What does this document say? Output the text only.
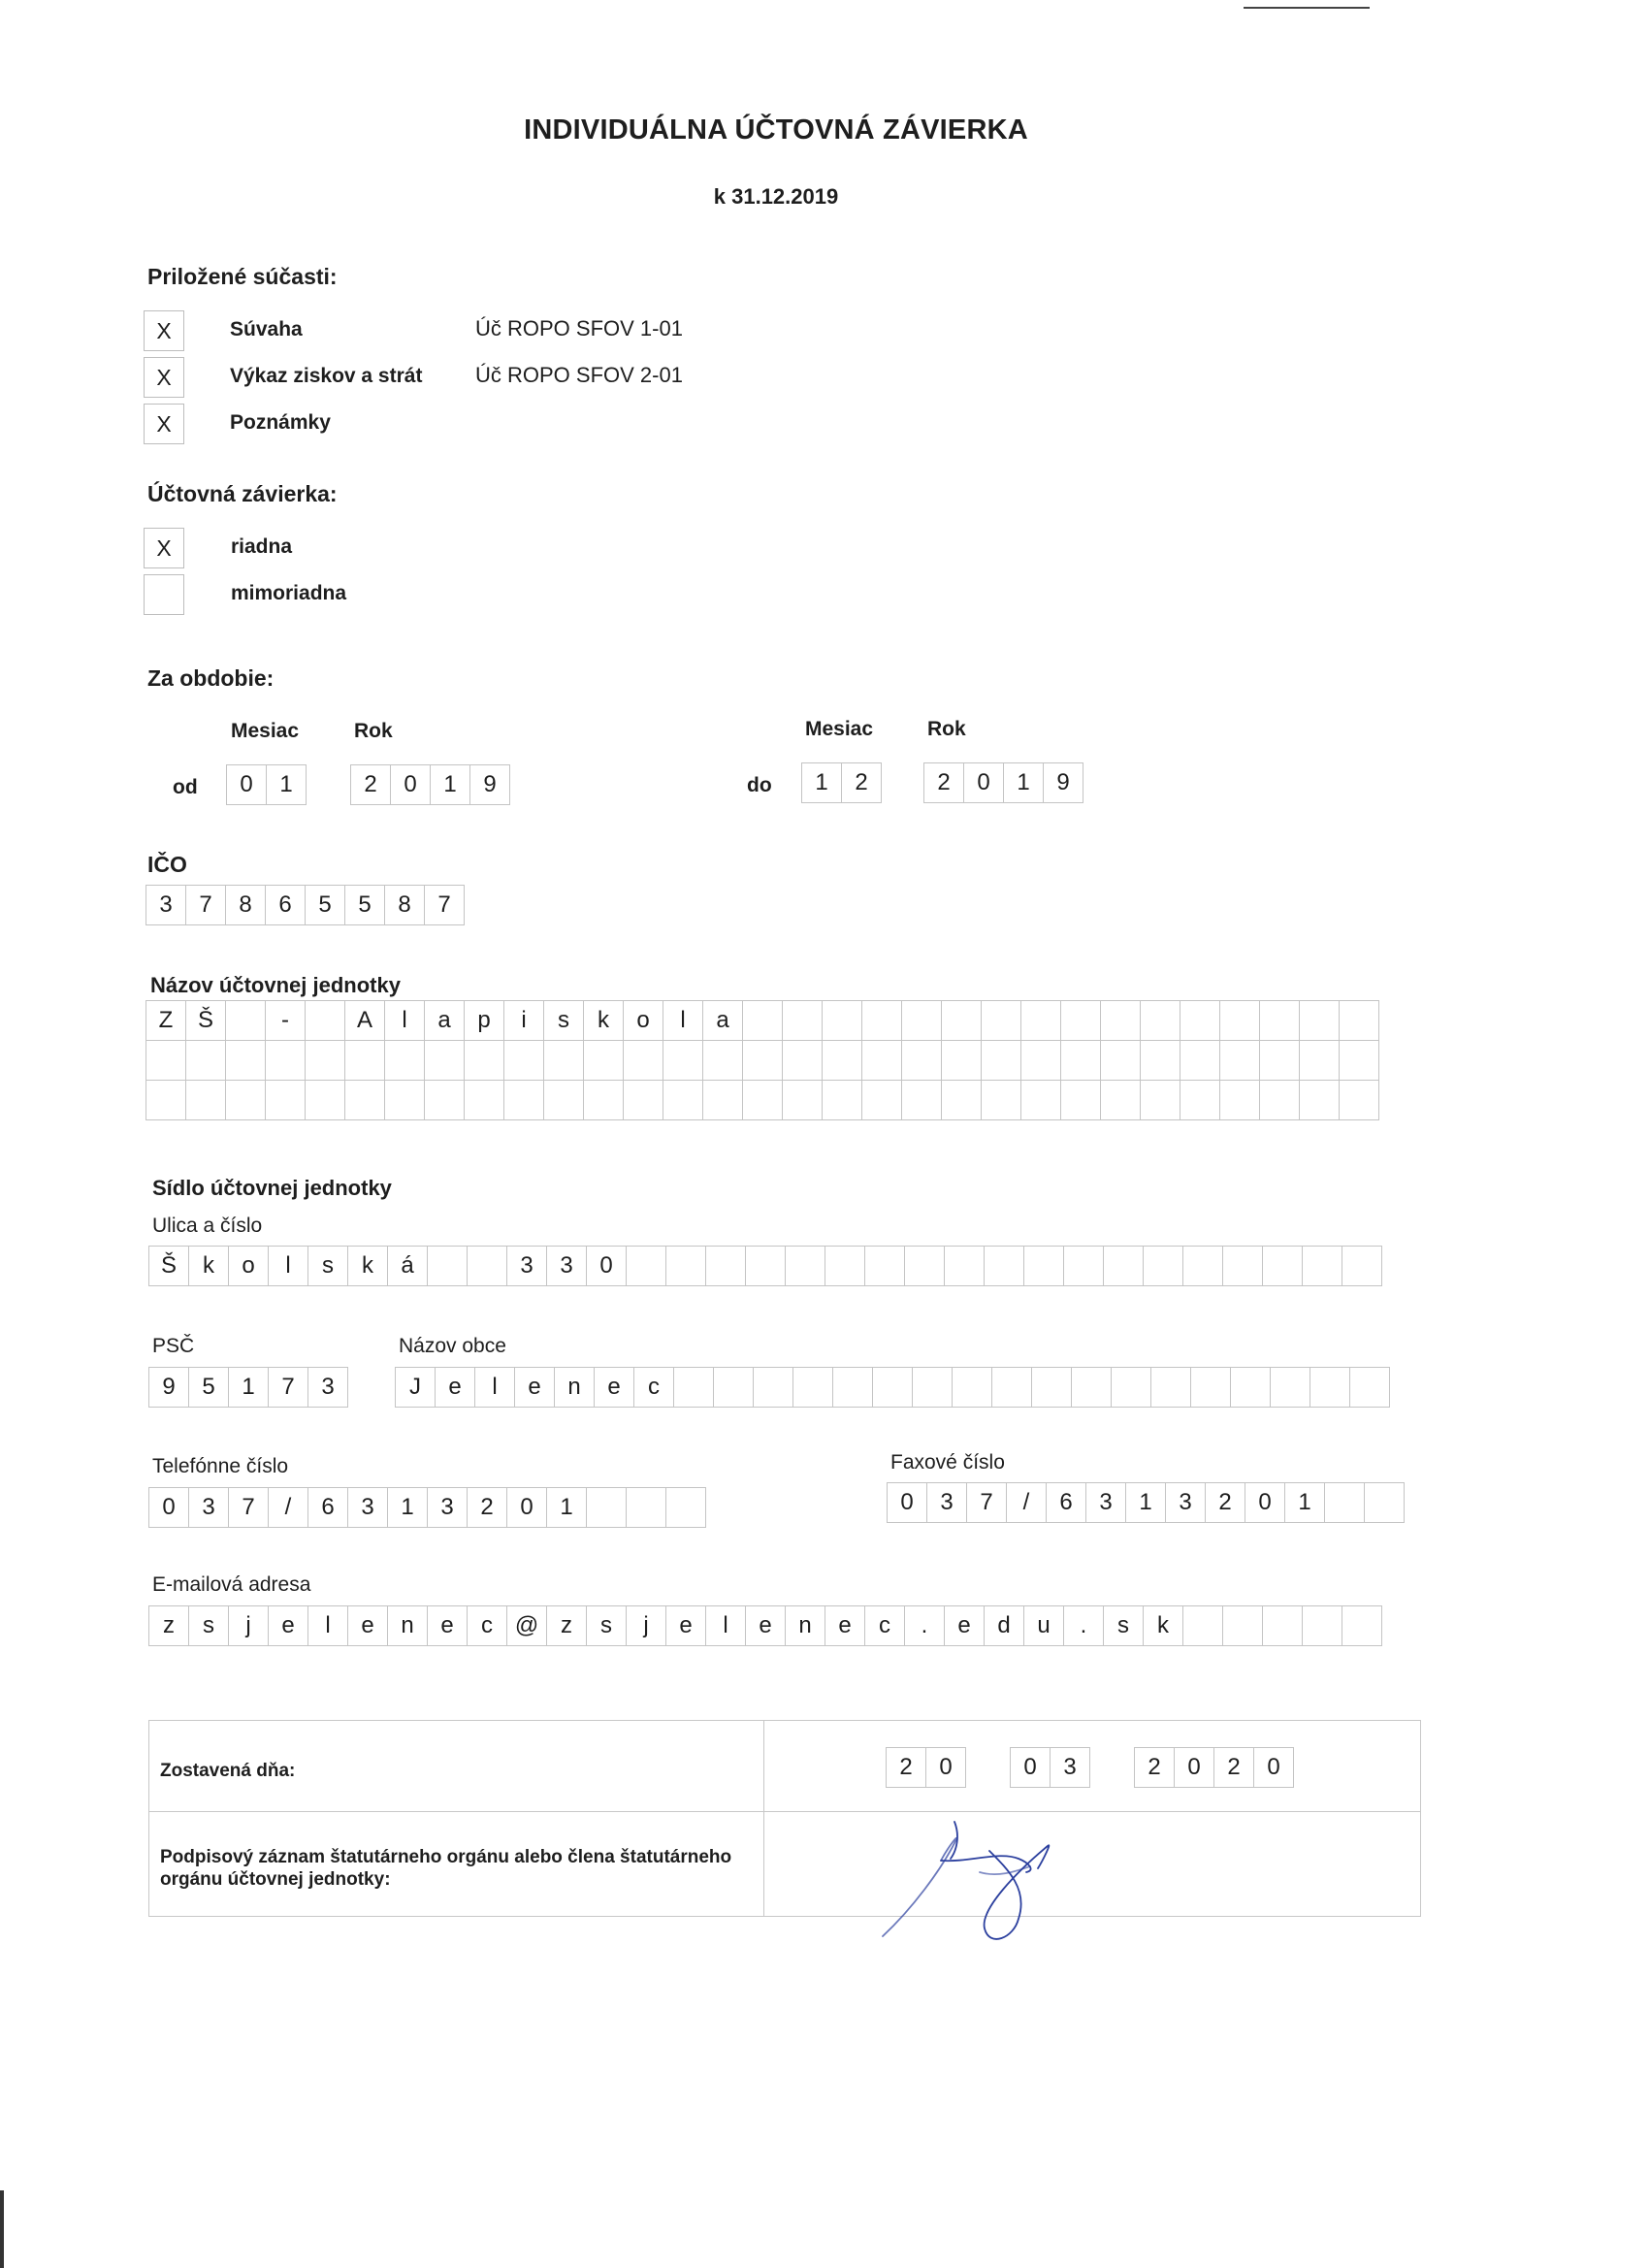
INDIVIDUÁLNA ÚČTOVNÁ ZÁVIERKA
k 31.12.2019
Priložené súčasti:
X	Súvaha	Úč ROPO SFOV 1-01
X	Výkaz ziskov a strát Úč ROPO SFOV 2-01
X	Poznámky
Účtovná závierka:
X	riadna
mimoriadna
Za obdobie:
Mesiac	Rok	Mesiac	Rok
od	0	1	2	0	1	9	do	1	2	2	0	1	9
IČO
3	7	8	6	5	5	8	7
Názov účtovnej jednotky
Z	Š	-	A	l	a	p	i	s	k	o	l	a
Sídlo účtovnej jednotky
Ulica a číslo
Š	k	o	l	s	k	á	3	3	0
PSČ
9	5	1	7	3
Názov obce
J	e	l	e	n	e	c
Telefónne číslo
0	3	7	/	6	3	1	3	2	0	1
Faxové číslo
0	3	7	/	6	3	1	3	2	0	1
E-mailová adresa
z	s	j	e	l	e	n	e	c @ z	s	j	e	l	e	n	e	c	.	e	d	u	.	s	k
Zostavená dňa:	2	0	0	3	2	0	2	0
Podpisový záznam štatutárneho orgánu alebo člena štatutárneho orgánu účtovnej jednotky:
